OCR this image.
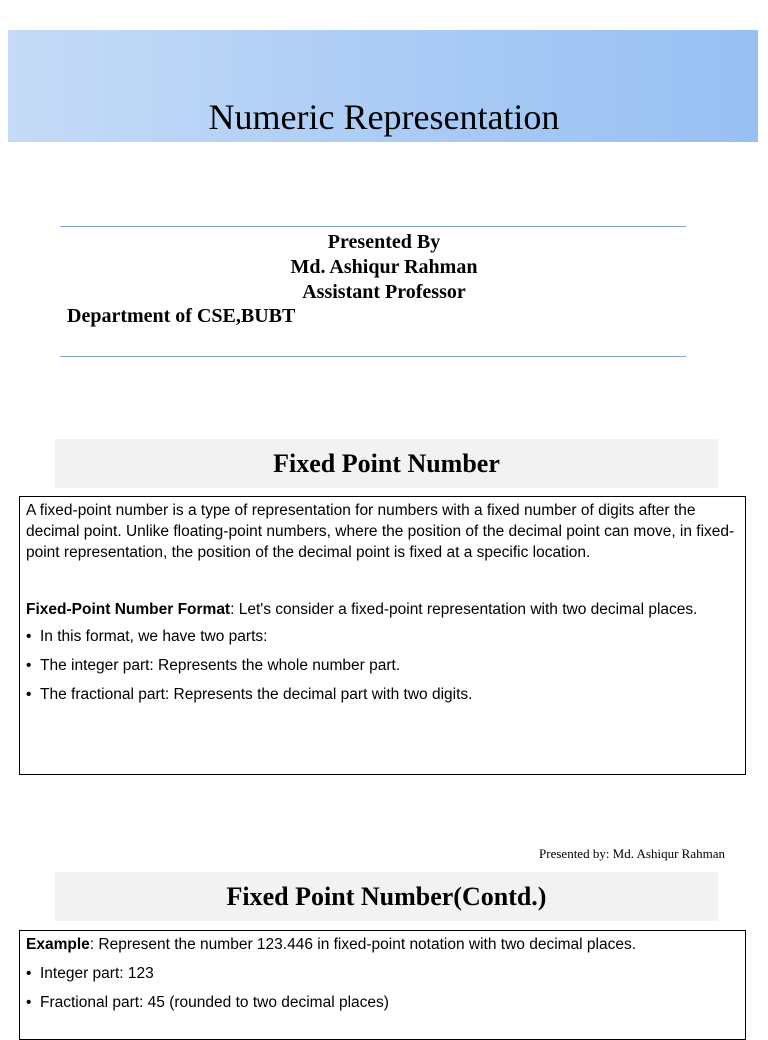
Numeric Representation
Presented By
Md. Ashiqur Rahman
Assistant Professor
Department of CSE,BUBT
Fixed Point Number

A fixed-point number is a type of representation for numbers with a fixed number of digits after the decimal point. Unlike floating-point numbers, where the position of the decimal point can move, in fixed-point representation, the position of the decimal point is fixed at a specific location.

Fixed-Point Number Format: Let's consider a fixed-point representation with two decimal places.

• In this format, we have two parts:
• The integer part: Represents the whole number part.
• The fractional part: Represents the decimal part with two digits.
Presented by: Md. Ashiqur Rahman
Fixed Point Number(Contd.)

Example: Represent the number 123.446 in fixed-point notation with two decimal places.

• Integer part: 123
• Fractional part: 45 (rounded to two decimal places)
